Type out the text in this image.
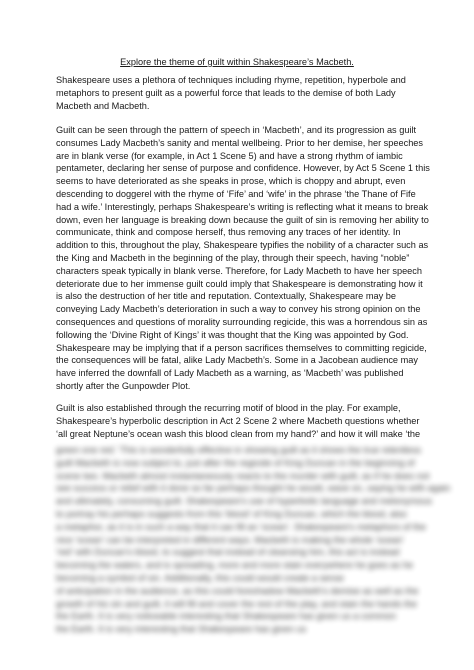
Explore the theme of guilt within Shakespeare’s Macbeth.
Shakespeare uses a plethora of techniques including rhyme, repetition, hyperbole and
metaphors to present guilt as a powerful force that leads to the demise of both Lady
Macbeth and Macbeth.
Guilt can be seen through the pattern of speech in ‘Macbeth’, and its progression as guilt
consumes Lady Macbeth’s sanity and mental wellbeing. Prior to her demise, her speeches
are in blank verse (for example, in Act 1 Scene 5) and have a strong rhythm of iambic
pentameter, declaring her sense of purpose and confidence. However, by Act 5 Scene 1 this
seems to have deteriorated as she speaks in prose, which is choppy and abrupt, even
descending to doggerel with the rhyme of ‘Fife’ and ‘wife’ in the phrase ‘the Thane of Fife
had a wife.’ Interestingly, perhaps Shakespeare’s writing is reflecting what it means to break
down, even her language is breaking down because the guilt of sin is removing her ability to
communicate, think and compose herself, thus removing any traces of her identity. In
addition to this, throughout the play, Shakespeare typifies the nobility of a character such as
the King and Macbeth in the beginning of the play, through their speech, having “noble”
characters speak typically in blank verse. Therefore, for Lady Macbeth to have her speech
deteriorate due to her immense guilt could imply that Shakespeare is demonstrating how it
is also the destruction of her title and reputation. Contextually, Shakespeare may be
conveying Lady Macbeth’s deterioration in such a way to convey his strong opinion on the
consequences and questions of morality surrounding regicide, this was a horrendous sin as
following the ‘Divine Right of Kings’ it was thought that the King was appointed by God.
Shakespeare may be implying that if a person sacrifices themselves to committing regicide,
the consequences will be fatal, alike Lady Macbeth’s. Some in a Jacobean audience may
have inferred the downfall of Lady Macbeth as a warning, as ‘Macbeth’ was published
shortly after the Gunpowder Plot.
Guilt is also established through the recurring motif of blood in the play. For example,
Shakespeare’s hyperbolic description in Act 2 Scene 2 where Macbeth questions whether
‘all great Neptune’s ocean wash this blood clean from my hand?’ and how it will make ‘the
green one red.' This is wonderfully effective in showing guilt as it shows the true relentless
guilt Macbeth is now subject to, just after the regicide of King Duncan in the beginning of
scene two. Macbeth almost instantaneously reacts to the murder with guilt, as if he does not
see success or relief with it done so far perhaps thought he would, wave on, saying he with again
and ultimately, consuming guilt. Shakespeare's use of hyperbolic language and metonymous
to portray his perhaps suggests from this 'blood' of King Duncan, which the blood, also
a metaphor, as it is in such a way that it can fill an 'ocean'. Shakespeare's metaphors of the
nice 'ocean' can be interpreted in different ways. Macbeth is making the whole 'ocean'
'red' with Duncan's blood, to suggest that instead of cleansing him, this act is instead
becoming the waters, and is spreading, more and more stain everywhere he goes as he
becoming a symbol of sin. Additionally, this could would create a sense
of anticipation in the audience, as this could foreshadow Macbeth's demise as well as the
growth of his sin and guilt, it will fill and cover the rest of the play, and stain the hands the
the Earth. It is very noticeable interesting that Shakespeare has given us a common
the Earth. It is very interesting that Shakespeare has given us
